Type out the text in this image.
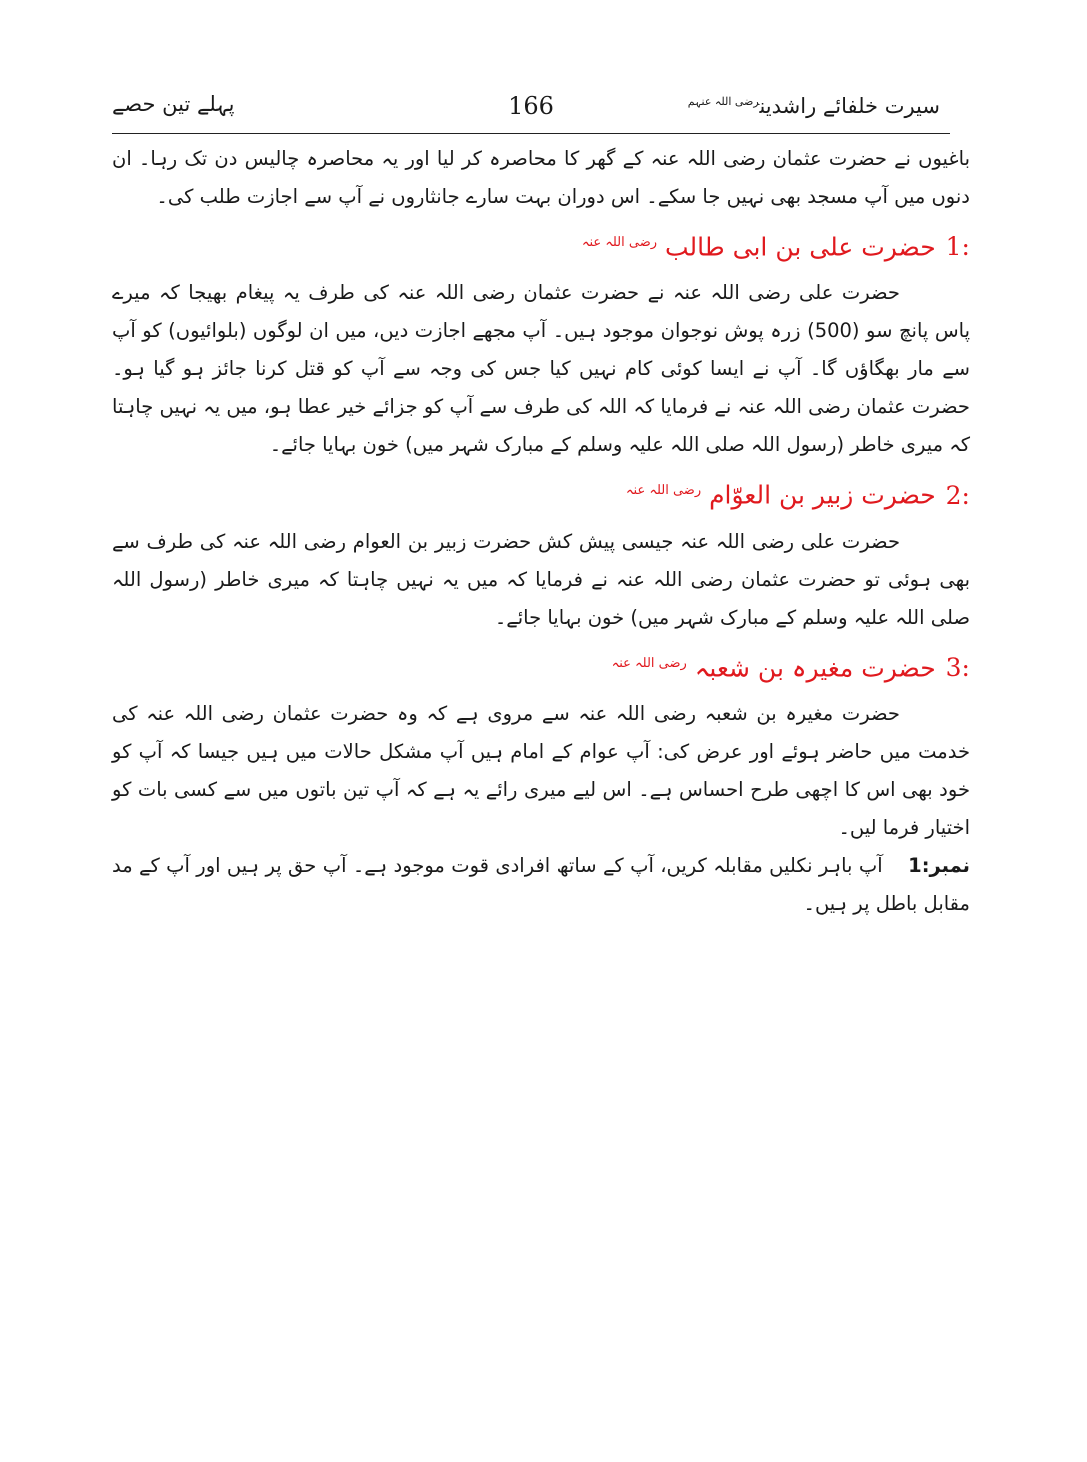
سیرت خلفائے راشدین$^{رضی اللہ عنہم}$
166
پہلے تین حصے

باغیوں نے حضرت عثمان رضی اللہ عنہ کے گھر کا محاصرہ کر لیا اور یہ محاصرہ چالیس دن تک رہا۔ ان دنوں میں آپ مسجد بھی نہیں جا سکے۔ اس دوران بہت سارے جانثاروں نے آپ سے اجازت طلب کی۔

1: حضرت علی بن ابی طالب $^{رضی اللہ عنہ}$

حضرت علی رضی اللہ عنہ نے حضرت عثمان رضی اللہ عنہ کی طرف یہ پیغام بھیجا کہ میرے پاس پانچ سو (500) زرہ پوش نوجوان موجود ہیں۔ آپ مجھے اجازت دیں، میں ان لوگوں (بلوائیوں) کو آپ سے مار بھگاؤں گا۔ آپ نے ایسا کوئی کام نہیں کیا جس کی وجہ سے آپ کو قتل کرنا جائز ہو گیا ہو۔ حضرت عثمان رضی اللہ عنہ نے فرمایا کہ اللہ کی طرف سے آپ کو جزائے خیر عطا ہو، میں یہ نہیں چاہتا کہ میری خاطر (رسول اللہ صلی اللہ علیہ وسلم کے مبارک شہر میں) خون بہایا جائے۔

2: حضرت زبیر بن العوّام $^{رضی اللہ عنہ}$

حضرت علی رضی اللہ عنہ جیسی پیش کش حضرت زبیر بن العوام رضی اللہ عنہ کی طرف سے بھی ہوئی تو حضرت عثمان رضی اللہ عنہ نے فرمایا کہ میں یہ نہیں چاہتا کہ میری خاطر (رسول اللہ صلی اللہ علیہ وسلم کے مبارک شہر میں) خون بہایا جائے۔

3: حضرت مغیرہ بن شعبہ $^{رضی اللہ عنہ}$

حضرت مغیرہ بن شعبہ رضی اللہ عنہ سے مروی ہے کہ وہ حضرت عثمان رضی اللہ عنہ کی خدمت میں حاضر ہوئے اور عرض کی: آپ عوام کے امام ہیں آپ مشکل حالات میں ہیں جیسا کہ آپ کو خود بھی اس کا اچھی طرح احساس ہے۔ اس لیے میری رائے یہ ہے کہ آپ تین باتوں میں سے کسی بات کو اختیار فرما لیں۔

نمبر1:    آپ باہر نکلیں مقابلہ کریں، آپ کے ساتھ افرادی قوت موجود ہے۔ آپ حق پر ہیں اور آپ کے مد مقابل باطل پر ہیں۔
